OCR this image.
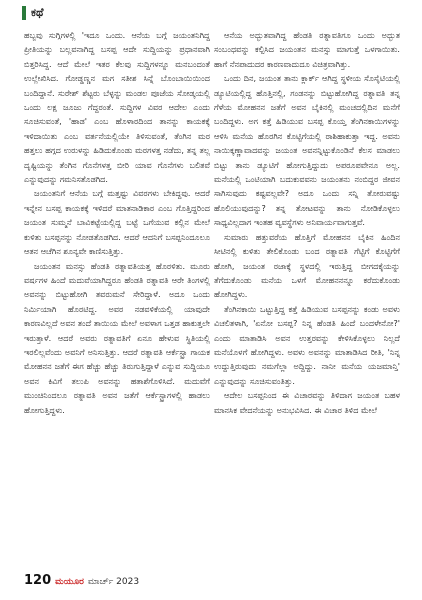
ಕಥೆ

ಹಬ್ಬವು ಸುಗ್ಗಿಗಳಲ್ಲಿ 'ಇದೂ ಒಂದು. ಆನೆಯ ಬಗ್ಗೆ ಜಯಂತನಿಗಿದ್ದ ಪ್ರೀತಿಯನ್ನು ಬಲ್ಲವನಾಗಿದ್ದ ಬಸಪ್ಪ ಆದೇ ಸುದ್ದಿಯನ್ನು ಪ್ರಧಾನವಾಗಿ ಬಿತ್ತರಿಸಿದ್ದ. ಆದೆ ಮೇಲೆ ಇತರ ಕೆಲವು ಸುದ್ದಿಗಳನ್ನೂ ಮನಬಂದಂತೆ ಉಲ್ಲೇಖಿಸಿದ. ಗೋಡ್ಡಣ್ಣನ ಮಗ ಸತೀಶ ಸಿನ್ನೆ ಬೊಂಬಾಯಿಯಿಂದ ಬಂದಿದ್ದಾನೆ. ಸುರೇಶ್ ಶೆಟ್ಟರು ಬೆಳ್ಳನ್ನು ಮಂಡಲ ಪೂಜೆಯ ಸೋಡ್ಕಯಲ್ಲಿ ಒಂದು ಲಕ್ಷ ಜೂಜು ಗೆದ್ದರಂತೆ. ಸುದ್ದಿಗಳ ವಿವರ ಆದೇಲ ಎಂದು ಸೂಚಿಸುವಂತೆ, 'ಹಾಡ' ಎಂಬ ಹೊಳಾರದಿಂದ ತಾನನ್ನು ಕಾಯಕಕ್ಕೆ ಇಳಿದಾಯಿತು ಎಂಬ ವರ್ತನೆಯಲ್ಲಿಯೇ ತಿಳಿಸುವಂತೆ, ತೆಂಗಿನ ಮರ ಹತ್ತಲು ಹಗ್ಗದ ಉರುಳನ್ನು ಹಿಡಿದುಕೊಂಡು ಮರಗಳತ್ತ ನಡೆದು, ತನ್ನ ತಲ್ಲ ದೃಷ್ಟಿಯನ್ನು ತೆಂಗಿನ ಗೊನೆಗಳತ್ತ ಬೀರಿ ಯಾವ ಗೊನೆಗಳು ಬಲಿತವೆ ಎನ್ನುವುದನ್ನು ಗಮನಿಸತೊಡಗಿದ.

ಜಯಂತನಿಗೆ ಆನೆಯ ಬಗ್ಗೆ ಮತ್ತಷ್ಟು ವಿವರಗಳು ಬೇಕಿದ್ದವು. ಆದರೆ ಇನ್ನೇನ ಬಸಪ್ಪ ಕಾಯಕಕ್ಕೆ ಇಳಿದರೆ ಮಾತನಾಡಿಕಾರ ಎಂಬ ಗೊತ್ತಿದ್ದರಿಂದ ಜಯಂತ ಸುಮ್ಮನೆ ಬಾವಿಕಟ್ಟೆಯಲ್ಲಿದ್ದ ಬಟ್ಟೆ ಒಗೆಯುವ ಕಲ್ಲಿನ ಮೇಲೆ ಕುಳಿತು ಬಸಪ್ಪನನ್ನು ನೋಡತೊಡಗಿದ. ಆದರೆ ಆದನಿಗೆ ಬಸಪ್ಪನಿಂದೂಲೂ ಆತನ ಆಚೆಗಿನ ಶೂನ್ಯವೇ ಕಾಣಿಸುತ್ತಿತ್ತು.

ಜಯಂತನ ಮನಸ್ಸು ಹೆಂಡತಿ ರತ್ನಾವತಿಯತ್ತ ಹೊರಳಿತು. ಮೂರು ವರ್ಷಗಳ ಹಿಂದೆ ಮದುವೆಯಾಗಿದ್ದರೂ ಹೆಂಡತಿ ರತ್ನಾವತಿ ಆರೇ ತಿಂಗಳಲ್ಲಿ ಅವನನ್ನು ಬಿಟ್ಟುಹೋಗಿ ತವರುಮನೆ ಸೇರಿದ್ದಾಳೆ. ಅದೂ ಒಂದು ನಿರ್ಮಿಯಾಗಿ ಹೊರಟಿದ್ದ. ಅವರ ನಡವಳಿಕೆಯಲ್ಲಿ ಯಾವುದೇ ಕಾರಣವಿಲ್ಲದೆ ಅವನ ತಂದೆ ತಾಯಿಯ ಮೇಲೆ ಅವಳಾಗ ಒತ್ತಡ ಹಾಕುತ್ತಲೇ ಇರುತ್ತಾಳೆ. ಆದರೆ ಅವರು ರತ್ನಾವತಿಗೆ ಏನೂ ಹೇಳುವ ಸ್ಥಿತಿಯಲ್ಲಿ ಇರಲಿಲ್ಲವೆಂದು ಅವನಿಗೆ ಅನಿಸುತ್ತಿತ್ತು. ಆದರೆ ರತ್ನಾವತಿ ಆರ್ಕೆಸ್ಟ್ರಾ ಗಾಯಕ ಮೋಹನನ ಜತೆಗೆ ಈಗ ಹೆಚ್ಚು ಹೆಚ್ಚು ತಿರುಗುತ್ತಿದ್ದಾಳೆ ಎನ್ನುವ ಸುದ್ದಿಯೂ ಅವನ ಕಿವಿಗೆ ತಲುಪಿ ಅವನನ್ನು ಹತಾಶೆಗೊಳಿಸಿದೆ. ಮದುವೆಗೆ ಮುಂಚಿನಿಂದಲೂ ರತ್ನಾವತಿ ಅವನ ಜತೆಗೆ ಆರ್ಕೆಸ್ಟ್ರಾಗಳಲ್ಲಿ ಹಾಡಲು ಹೋಗುತ್ತಿದ್ದಳು.

ಆನೆಯ ಅದ್ಭುತವಾಗಿದ್ದ ಹೆಂಡತಿ ರತ್ನಾವತಿಗೂ ಒಂದು ಅದ್ಭುತ ಸಂಬಂಧವನ್ನು ಕಲ್ಪಿಸಿದ ಜಯಂತನ ಮನಸ್ಸು ಮಾಗುತ್ತೆ ಒಳಗಾಯಿತು. ಹಾಗೆ ನೆನಪಾದುದರ ಕಾರಣವಾದುದೂ ವಿಚಿತ್ರವಾಗಿತ್ತು.

ಒಂದು ದಿನ, ಜಯಂತ ತಾನು ಕ್ಲಾರ್ಕ್ ಆಗಿದ್ದ ಸ್ಥಳೀಯ ಸೊಸೈಟಿಯಲ್ಲಿ ಡ್ಯೂಟಿಯಲ್ಲಿದ್ದ ಹೊತ್ತಿನಲ್ಲಿ, ಗಂಡನನ್ನು ಬಿಟ್ಟುಹೋಗಿದ್ದ ರತ್ನಾವತಿ ತನ್ನ ಗೆಳೆಯ ಮೋಹನನ ಜತೆಗೆ ಅವನ ಬೈಕಿನಲ್ಲಿ ಮಂಚದಲ್ಲಿದಿನ ಮನೆಗೆ ಬಂದಿದ್ದಳು. ಅಗ ಕತ್ತೆ ಹಿಡಿಯುವ ಬಸಪ್ಪ ಕೊಯ್ತ ತೆಂಗಿನಕಾಯಿಗಳನ್ನು ಆಳಿಸಿ ಮನೆಯ ಹೊರಗಿನ ಕೊಟ್ಟಿಗೆಯಲ್ಲಿ ರಾಶಿಹಾಕುತ್ತಾ ಇದ್ದ. ಅವನು ನಾಯಿಕ್ಕಣ್ಣಾವಾದವನ್ನು ಜಯಂತ ಅವನನ್ನಿಟ್ಟುಕೊಂಡಿನೆ ಕೆಲಸ ಮಾಡಲು ಬಿಟ್ಟು ತಾನು ಡ್ಯೂಟಿಗೆ ಹೋಗುತ್ತಿದ್ದುದು ಅಪರೂಪವೇನೂ ಅಲ್ಲ. ಮನೆಯಲ್ಲಿ ಒಂಟಿಯಾಗಿ ಬದುಕುವವನು ಜಯಂತನು ನಂಬಿದ್ದರ ಜೀವನ ಸಾಗಿಸುವುದು ಕಷ್ಟವಲ್ಲವೇ? ಅದೂ ಒಂದು ಸನ್ನಿ ತೋರುವಷ್ಟು ಹೊಲಿಯುವುದನ್ನು? ತನ್ನ ತೋಟವನ್ನು ತಾನು ನೋಡಿಕೊಳ್ಳಲು ಸಾಧ್ಯವಿಲ್ಲದಾಗ ಇಂತಹ ವ್ಯವಸ್ಥೆಗಳು ಅನಿವಾರ್ಯವಾಗುತ್ತವೆ.

ಸುಮಾರು ಹತ್ತುವರೆಯ ಹೊತ್ತಿಗೆ ಮೋಹನನ ಬೈಕಿನ ಹಿಂದಿನ ಸೀಟಿನಲ್ಲಿ ಕುಳಿತು ತೇಲಿಕೊಂಡು ಬಂದ ರತ್ನಾವತಿ ಗೆಟ್ಟಿಗೆ ಕೊಟ್ಟಿಗೆಗೆ ಹೋಗಿ, ಜಯಂತ ರಜಾಕ್ಕೆ ಸ್ಥಳದಲ್ಲಿ ಇರುತ್ತಿದ್ದ ಬೀಗದಕೈಯನ್ನು ತೆಗೆದುಕೊಂಡು ಮನೆಯ ಒಳಗೆ ಮೋಹನನನ್ನೂ ಕರೆದುಕೊಂಡು ಹೋಗಿದ್ದಳು.

ತೆಂಗಿನಕಾಯಿ ಒಟ್ಟುತ್ತಿದ್ದ ಕತ್ತೆ ಹಿಡಿಯುವ ಬಸಪ್ಪನನ್ನು ಕಂಡು ಅವಳು ವಿಚಲಿತಳಾಗಿ, 'ಏನೋ ಬಸಪ್ಪ? ನಿನ್ನ ಹೆಂಡತಿ ಹಿಂದೆ ಬಂದಳೇನೋ?' ಎಂದು ಮಾತಾಡಿಸಿ ಅವನ ಉತ್ತರವನ್ನು ಕೇಳಿಸಿಕೊಳ್ಳಲು ನಿಲ್ಲದೆ ಮನೆಯೊಳಗೆ ಹೋಗಿದ್ದಳು. ಅವಳು ಅವನನ್ನು ಮಾತಾಡಿಸಿದ ರೀತಿ, 'ನಿನ್ನ ಉದ್ದುತ್ತಿರುವುದು ನಮಗೆಲ್ಲಾ ಅದ್ದಿದ್ದು. ನಾನೀ ಮನೆಯ ಯಜಮಾನ್ತಿ' ಎನ್ನುವುದನ್ನು ಸೂಚಿಸುವಂತಿತ್ತು.

ಆದೇಲ ಬಸಪ್ಪನಿಂದ ಈ ವಿಚಾರವನ್ನು ತಿಳಿದಾಗ ಜಯಂತ ಬಹಳ ಮಾನಸಿಕ ವೇದನೆಯನ್ನು ಅನುಭವಿಸಿದ. ಈ ವಿಚಾರ ತಿಳಿದ ಮೇಲೆ

120 ಮಯೂರ ಮಾರ್ಚ್ 2023
